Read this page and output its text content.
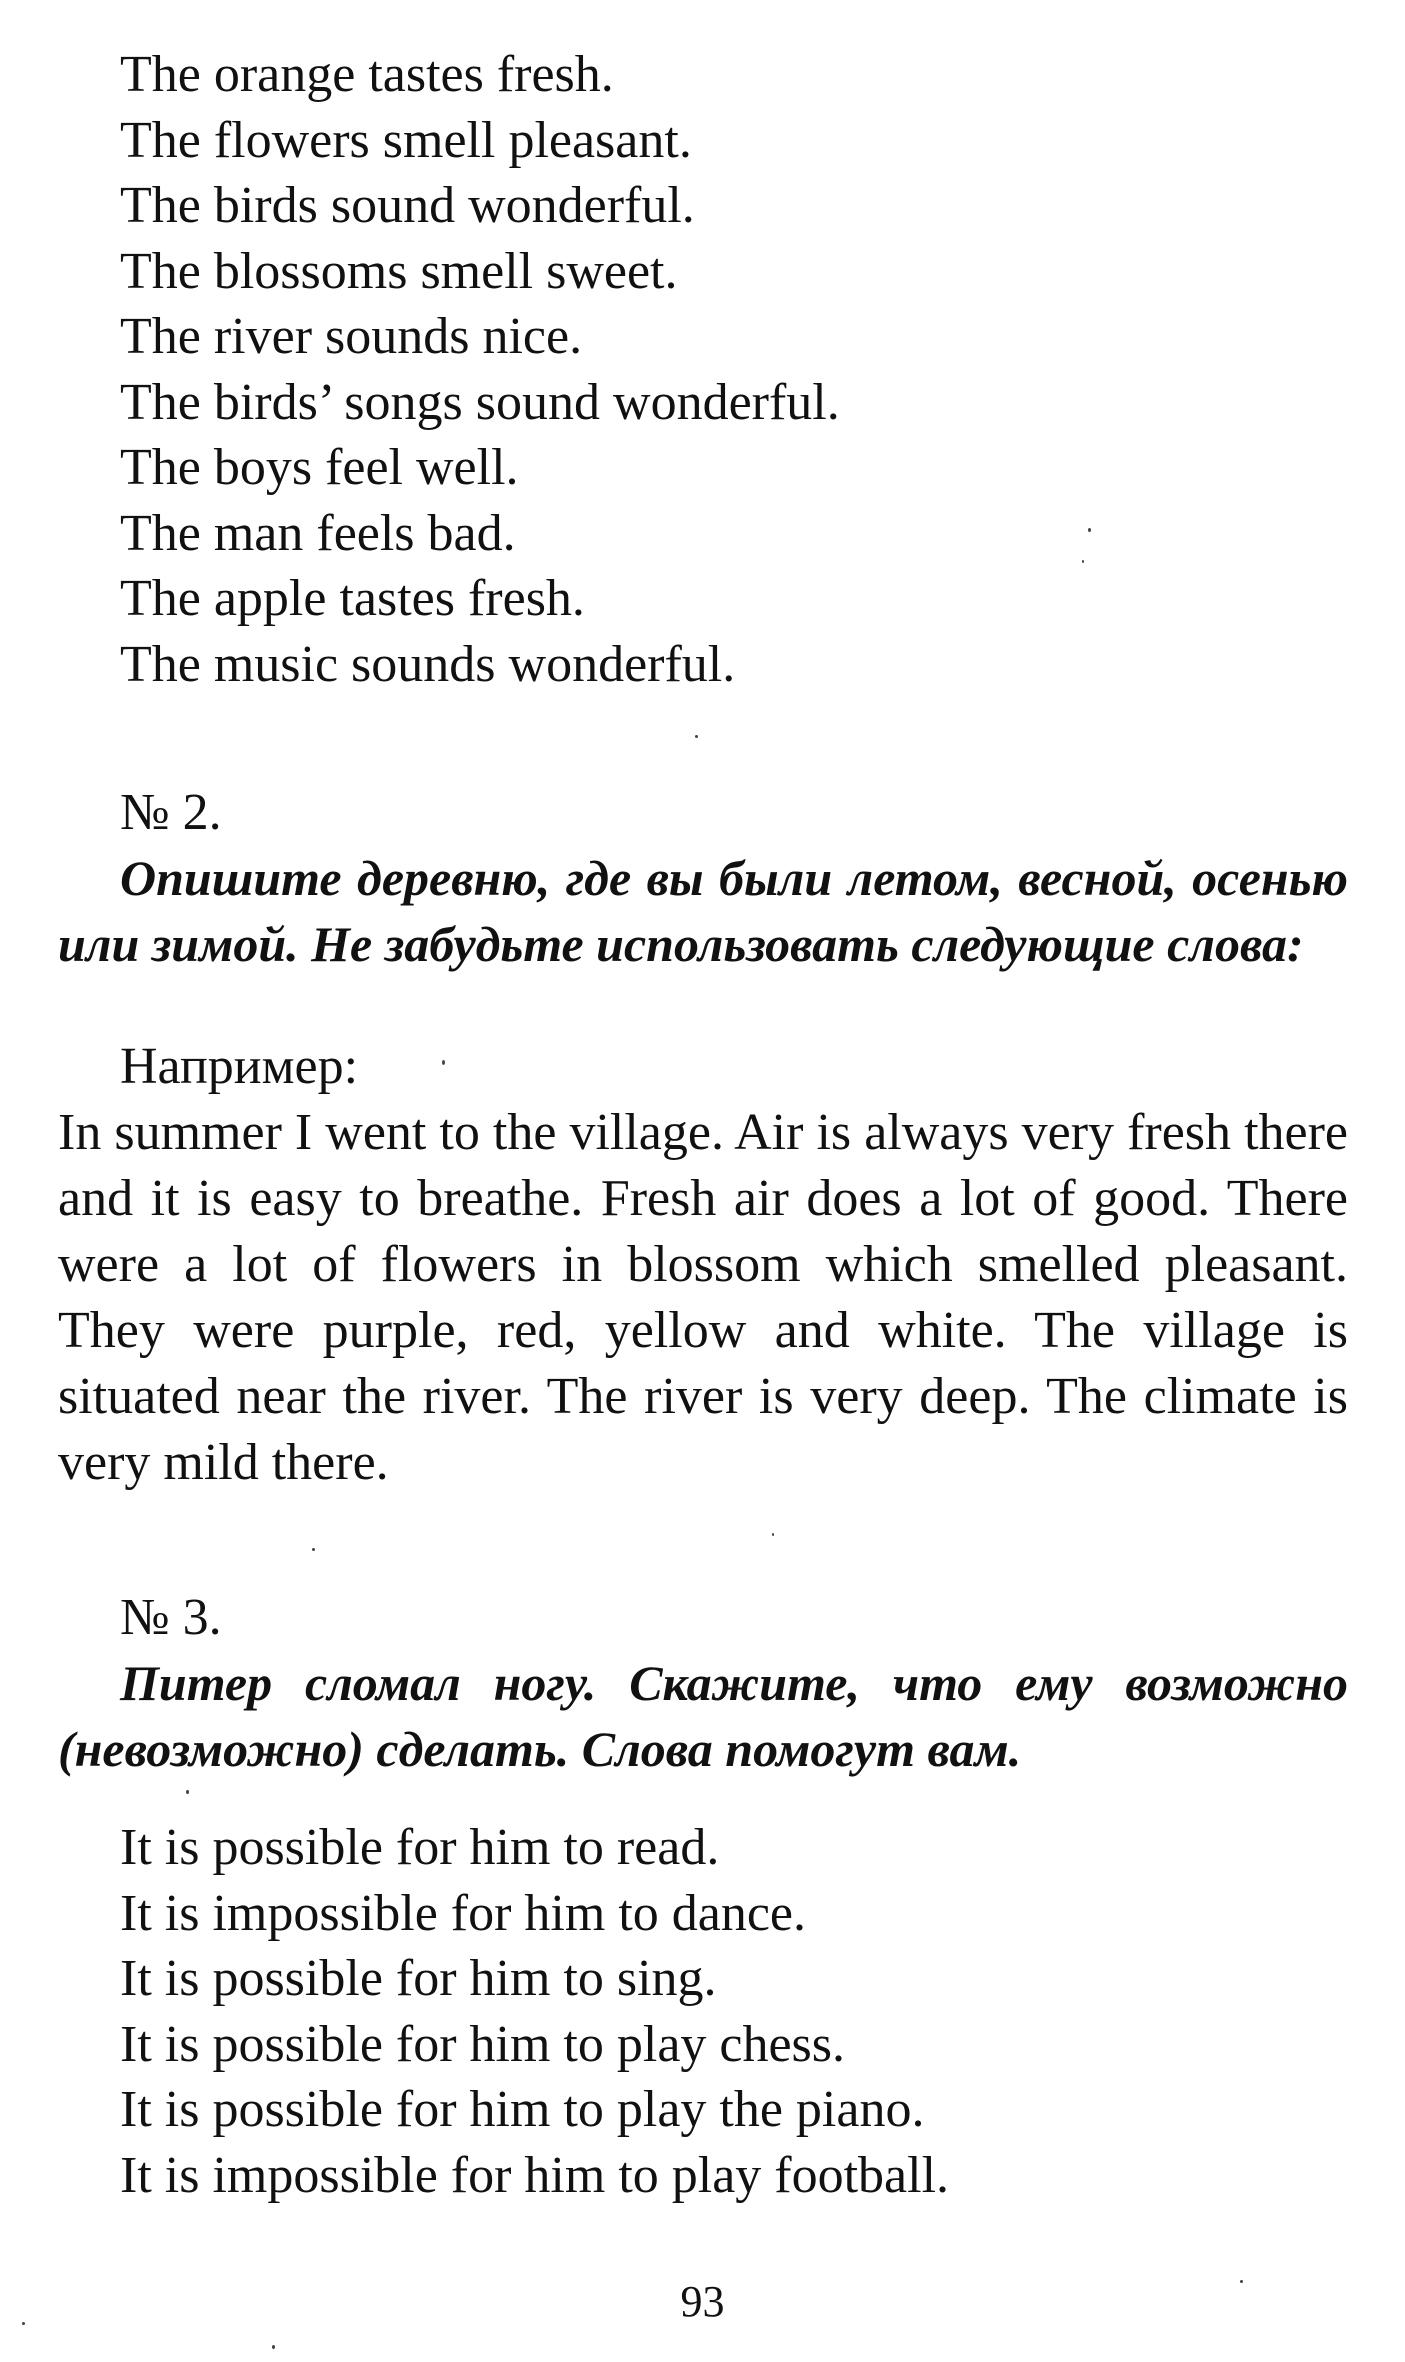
The orange tastes fresh.
The flowers smell pleasant.
The birds sound wonderful.
The blossoms smell sweet.
The river sounds nice.
The birds’ songs sound wonderful.
The boys feel well.
The man feels bad.
The apple tastes fresh.
The music sounds wonderful.
№ 2.
Опишите деревню, где вы были летом, весной, осенью или зимой. Не забудьте использовать следующие слова:
Например:
In summer I went to the village. Air is always very fresh there and it is easy to breathe. Fresh air does a lot of good. There were a lot of flowers in blossom which smelled pleasant. They were purple, red, yellow and white. The village is situated near the river. The river is very deep. The climate is very mild there.
№ 3.
Питер сломал ногу. Скажите, что ему возможно (невозможно) сделать. Слова помогут вам.
It is possible for him to read.
It is impossible for him to dance.
It is possible for him to sing.
It is possible for him to play chess.
It is possible for him to play the piano.
It is impossible for him to play football.
93
